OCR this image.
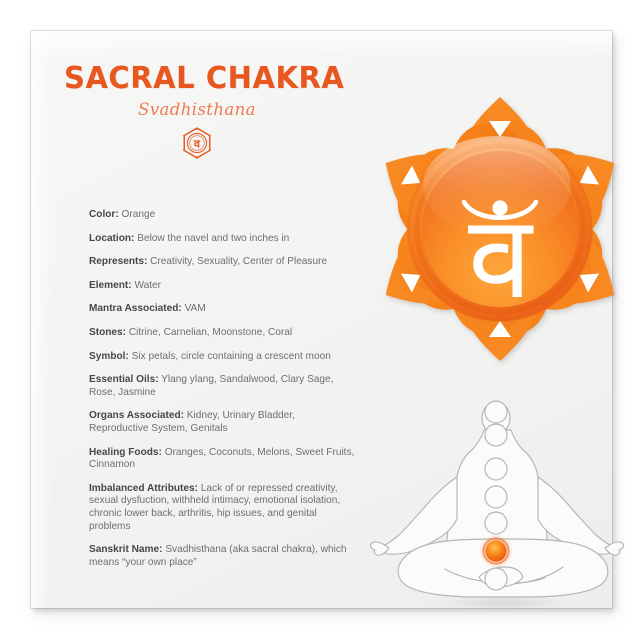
SACRAL CHAKRA
Svadhisthana
व
Color: Orange
Location: Below the navel and two inches in
Represents: Creativity, Sexuality, Center of Pleasure
Element: Water
Mantra Associated: VAM
Stones: Citrine, Carnelian, Moonstone, Coral
Symbol: Six petals, circle containing a crescent moon
Essential Oils: Ylang ylang, Sandalwood, Clary Sage, Rose, Jasmine
Organs Associated: Kidney, Urinary Bladder, Reproductive System, Genitals
Healing Foods: Oranges, Coconuts, Melons, Sweet Fruits, Cinnamon
Imbalanced Attributes: Lack of or repressed creativity, sexual dysfuction, withheld intimacy, emotional isolation, chronic lower back, arthritis, hip issues, and genital problems
Sanskrit Name: Svadhisthana (aka sacral chakra), which means “your own place”
व
